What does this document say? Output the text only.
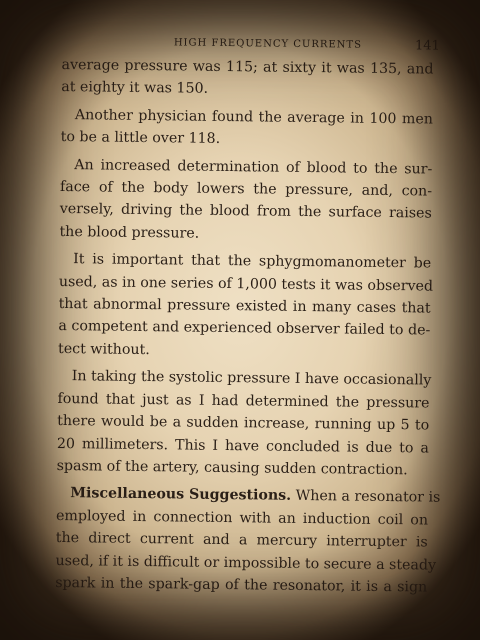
HIGH FREQUENCY CURRENTS	141
average pressure was 115; at sixty it was 135, and
at eighty it was 150.
Another physician found the average in 100 men
to be a little over 118.
An increased determination of blood to the sur-
face of the body lowers the pressure, and, con-
versely, driving the blood from the surface raises
the blood pressure.
It is important that the sphygmomanometer be
used, as in one series of 1,000 tests it was observed
that abnormal pressure existed in many cases that
a competent and experienced observer failed to de-
tect without.
In taking the systolic pressure I have occasionally
found that just as I had determined the pressure
there would be a sudden increase, running up 5 to
20 millimeters. This I have concluded is due to a
spasm of the artery, causing sudden contraction.
Miscellaneous Suggestions. When a resonator is
employed in connection with an induction coil on
the direct current and a mercury interrupter is
used, if it is difficult or impossible to secure a steady
spark in the spark-gap of the resonator, it is a sign
